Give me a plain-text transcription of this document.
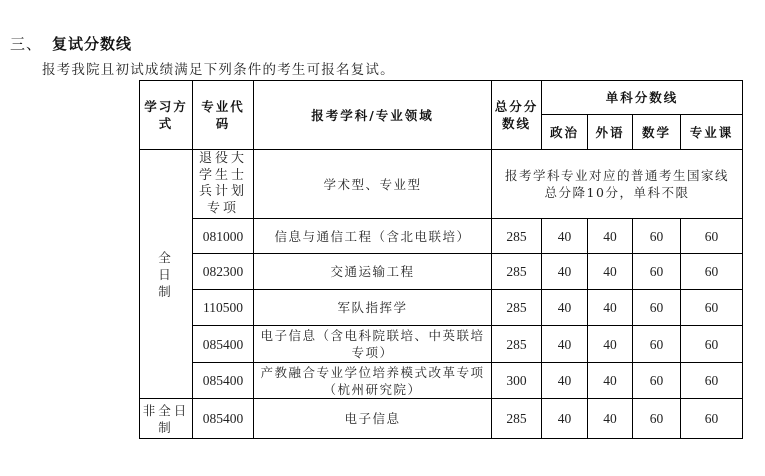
三、 复试分数线
报考我院且初试成绩满足下列条件的考生可报名复试。
学习方式	专业代码	报考学科/专业领域	总分分数线	单科分数线			
				政治	外语	数学	专业课
全日制	退役大学生士兵计划专项	学术型、专业型	报考学科专业对应的普通考生国家线
总分降10分，单科不限				

	081000	信息与通信工程（含北电联培）	285	40	40	60	60
	082300	交通运输工程	285	40	40	60	60
	110500	军队指挥学	285	40	40	60	60
	085400	电子信息（含电科院联培、中英联培专项）	285	40	40	60	60
	085400	产教融合专业学位培养模式改革专项（杭州研究院）	300	40	40	60	60
非全日制	085400	电子信息	285	40	40	60	60
